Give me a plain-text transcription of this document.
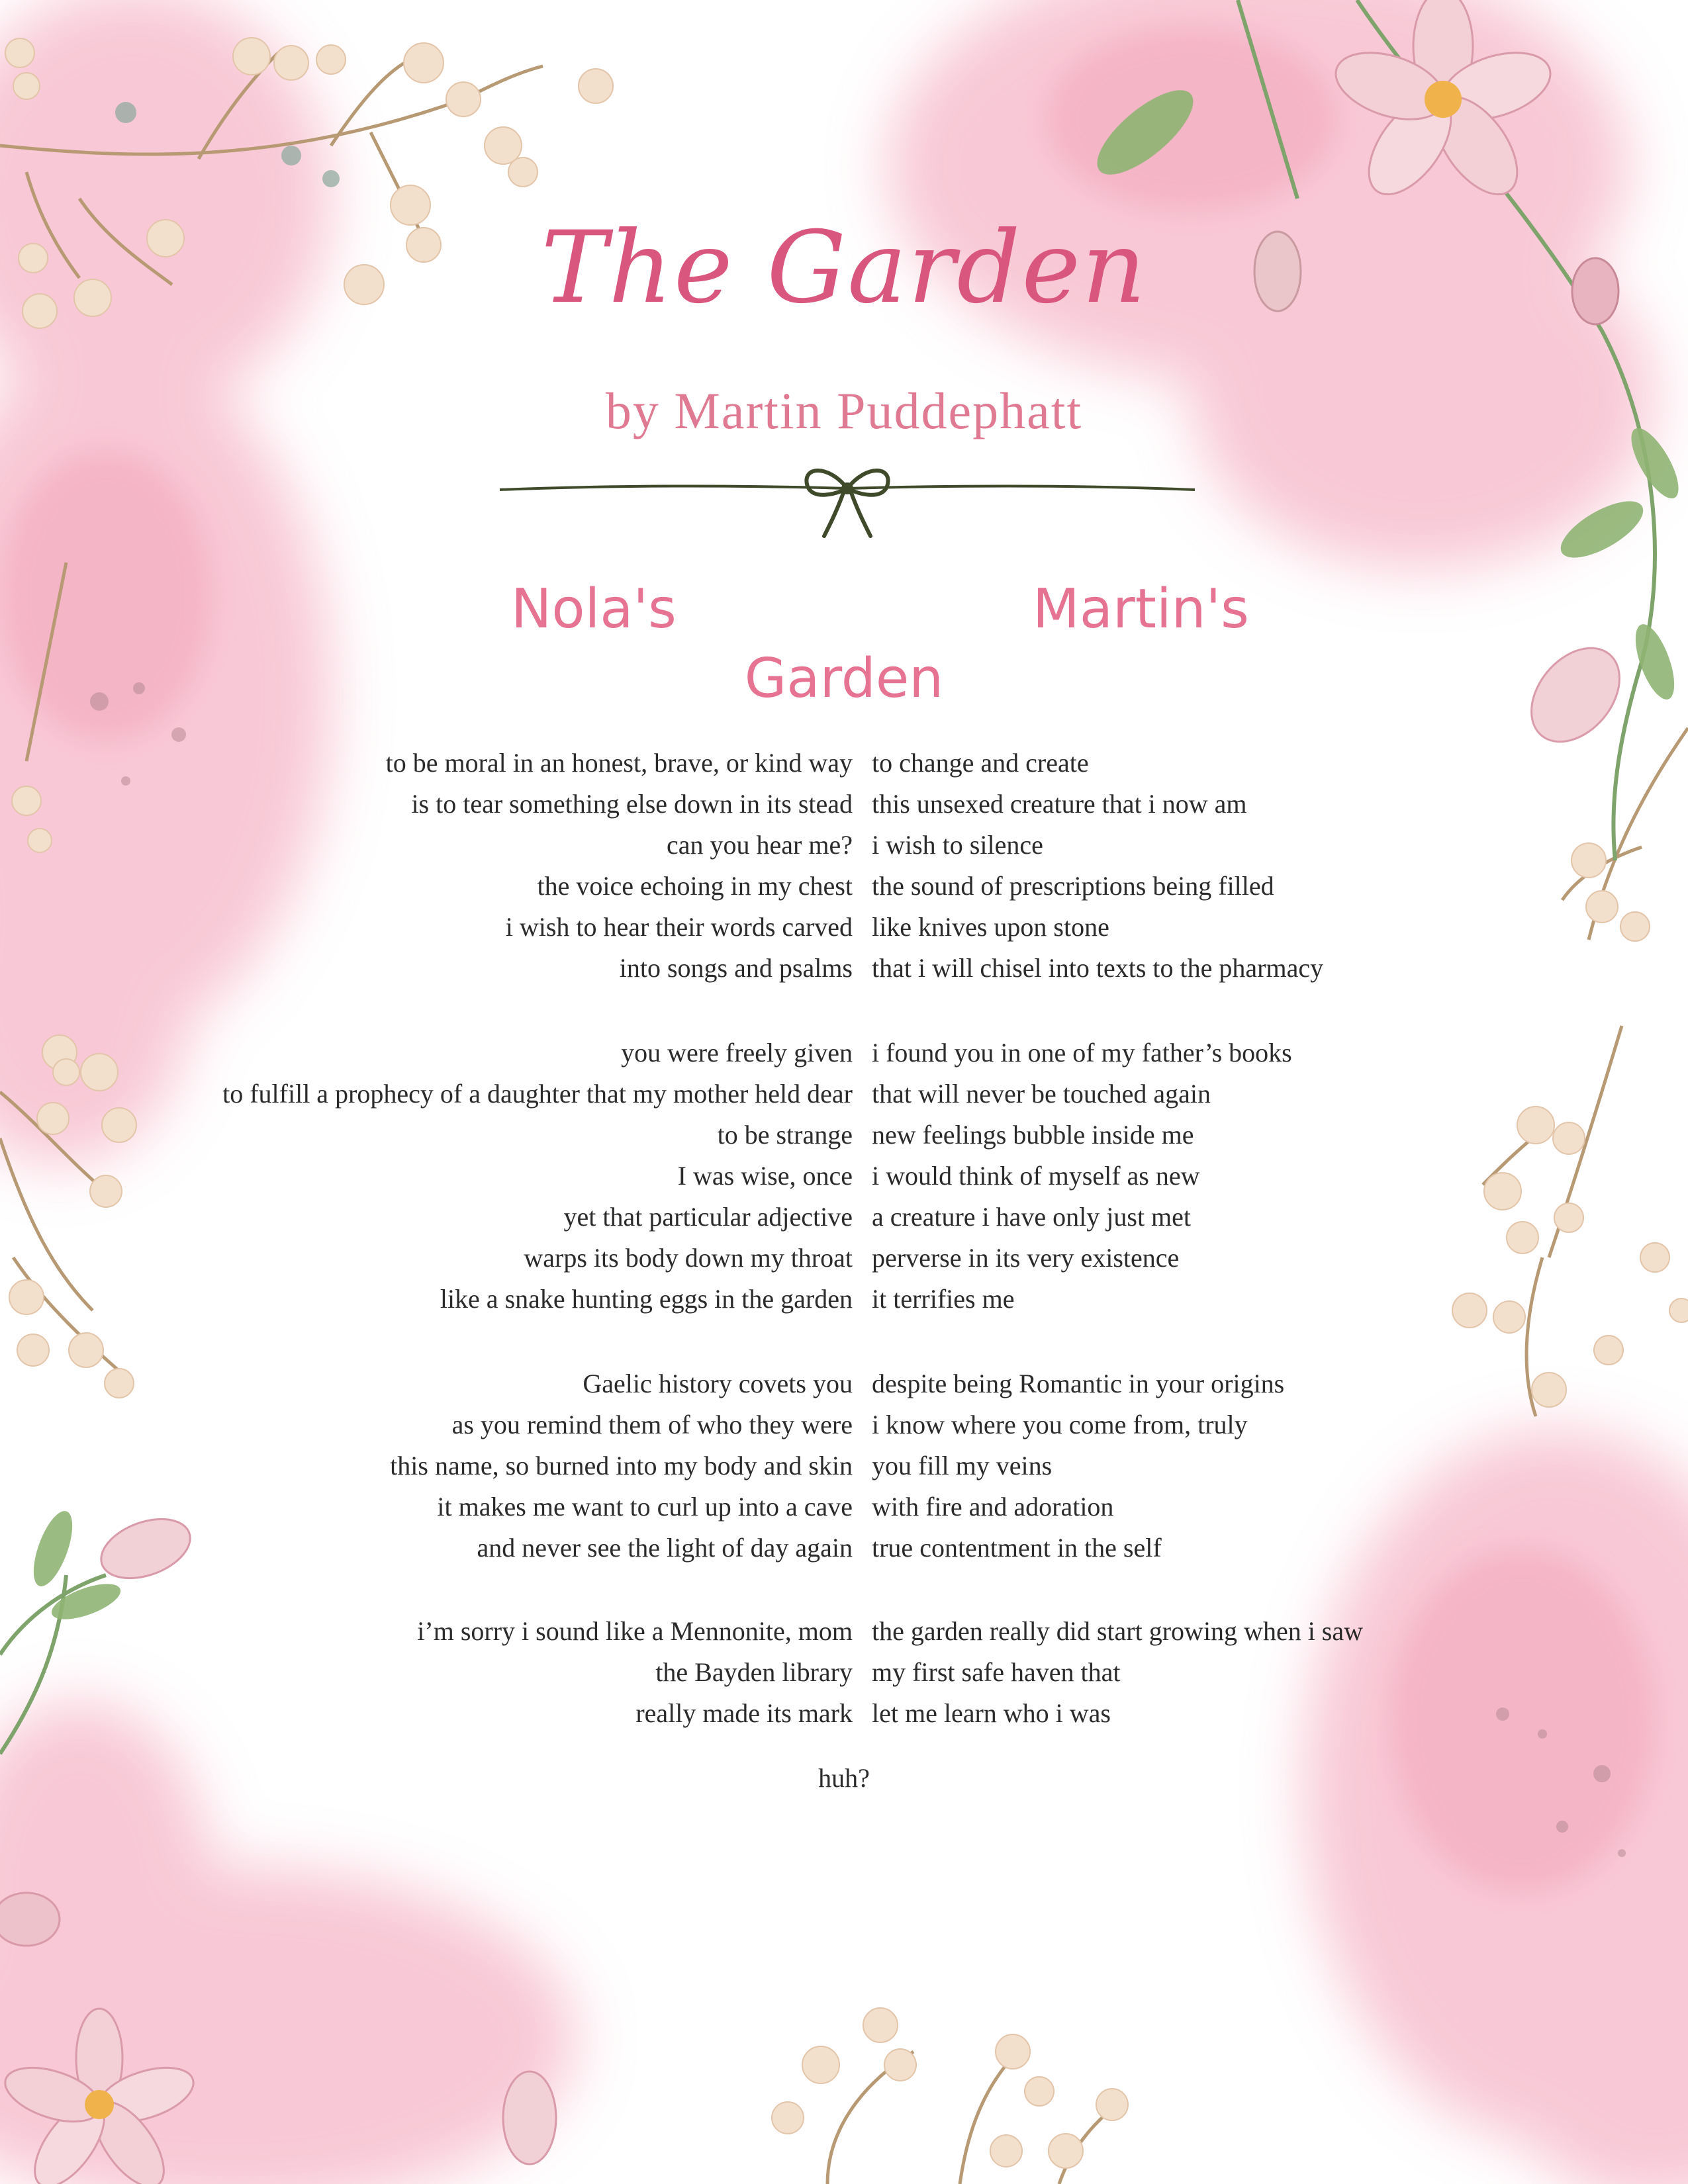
The Garden
by Martin Puddephatt
Nola's	Martin's
Garden
to be moral in an honest, brave, or kind way to change and create
is to tear something else down in its stead this unsexed creature that i now am
can you hear me? i wish to silence
the voice echoing in my chest the sound of prescriptions being filled
i wish to hear their words carved like knives upon stone
into songs and psalms that i will chisel into texts to the pharmacy
you were freely given i found you in one of my father’s books
to fulfill a prophecy of a daughter that my mother held dear that will never be touched again
to be strange new feelings bubble inside me
I was wise, once i would think of myself as new
yet that particular adjective a creature i have only just met
warps its body down my throat perverse in its very existence
like a snake hunting eggs in the garden it terrifies me
Gaelic history covets you despite being Romantic in your origins
as you remind them of who they were i know where you come from, truly
this name, so burned into my body and skin you fill my veins
it makes me want to curl up into a cave with fire and adoration
and never see the light of day again true contentment in the self
i’m sorry i sound like a Mennonite, mom the garden really did start growing when i saw
the Bayden library my first safe haven that
really made its mark let me learn who i was
huh?
